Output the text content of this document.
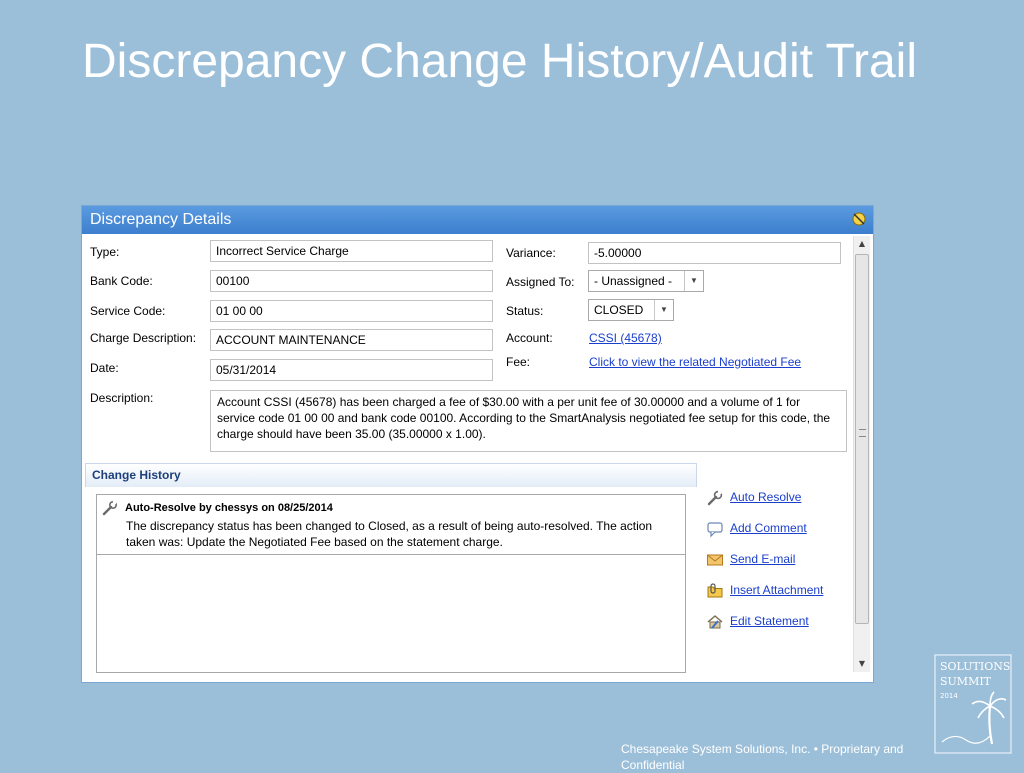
Discrepancy Change History/Audit Trail
Discrepancy Details
Type:
Bank Code:
Service Code:
Charge Description:
Date:
Description:
Incorrect Service Charge
00100
01 00 00
ACCOUNT MAINTENANCE
05/31/2014
Variance:
Assigned To:
Status:
Account:
Fee:
-5.00000
- Unassigned -	▼
CLOSED	▼
CSSI (45678)
Click to view the related Negotiated Fee
Account CSSI (45678) has been charged a fee of $30.00 with a per unit fee of 30.00000 and a volume of 1 for service code 01 00 00 and bank code 00100. According to the SmartAnalysis negotiated fee setup for this code, the charge should have been 35.00 (35.00000 x 1.00).
▲
▼
Change History
Auto-Resolve by chessys on 08/25/2014
The discrepancy status has been changed to Closed, as a result of being auto-resolved. The action taken was: Update the Negotiated Fee based on the statement charge.
Auto Resolve
Add Comment
Send E-mail
Insert Attachment
Edit Statement
SOLUTIONS
SUMMIT
2014
Chesapeake System Solutions, Inc. • Proprietary and Confidential
